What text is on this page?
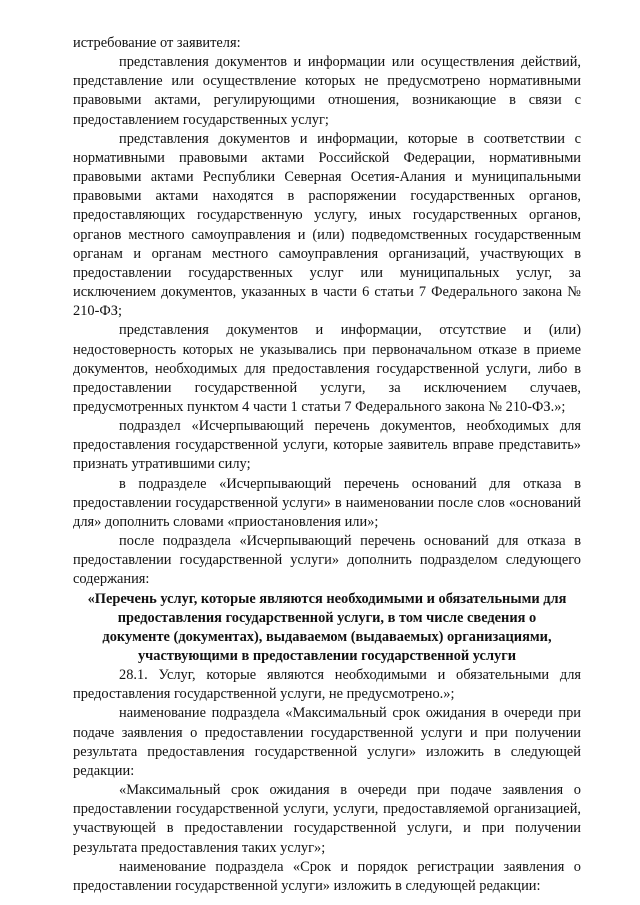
истребование от заявителя:

представления документов и информации или осуществления действий, представление или осуществление которых не предусмотрено нормативными правовыми актами, регулирующими отношения, возникающие в связи с предоставлением государственных услуг;

представления документов и информации, которые в соответствии с нормативными правовыми актами Российской Федерации, нормативными правовыми актами Республики Северная Осетия-Алания и муниципальными правовыми актами находятся в распоряжении государственных органов, предоставляющих государственную услугу, иных государственных органов, органов местного самоуправления и (или) подведомственных государственным органам и органам местного самоуправления организаций, участвующих в предоставлении государственных услуг или муниципальных услуг, за исключением документов, указанных в части 6 статьи 7 Федерального закона № 210-ФЗ;

представления документов и информации, отсутствие и (или) недостоверность которых не указывались при первоначальном отказе в приеме документов, необходимых для предоставления государственной услуги, либо в предоставлении государственной услуги, за исключением случаев, предусмотренных пунктом 4 части 1 статьи 7 Федерального закона № 210-ФЗ.»;

подраздел «Исчерпывающий перечень документов, необходимых для предоставления государственной услуги, которые заявитель вправе представить» признать утратившими силу;

в подразделе «Исчерпывающий перечень оснований для отказа в предоставлении государственной услуги» в наименовании после слов «оснований для» дополнить словами «приостановления или»;

после подраздела «Исчерпывающий перечень оснований для отказа в предоставлении государственной услуги» дополнить подразделом следующего содержания:

«Перечень услуг, которые являются необходимыми и обязательными для предоставления государственной услуги, в том числе сведения о документе (документах), выдаваемом (выдаваемых) организациями, участвующими в предоставлении государственной услуги

28.1. Услуг, которые являются необходимыми и обязательными для предоставления государственной услуги, не предусмотрено.»;

наименование подраздела «Максимальный срок ожидания в очереди при подаче заявления о предоставлении государственной услуги и при получении результата предоставления государственной услуги» изложить в следующей редакции:

«Максимальный срок ожидания в очереди при подаче заявления о предоставлении государственной услуги, услуги, предоставляемой организацией, участвующей в предоставлении государственной услуги, и при получении результата предоставления таких услуг»;

наименование подраздела «Срок и порядок регистрации заявления о предоставлении государственной услуги» изложить в следующей редакции:
